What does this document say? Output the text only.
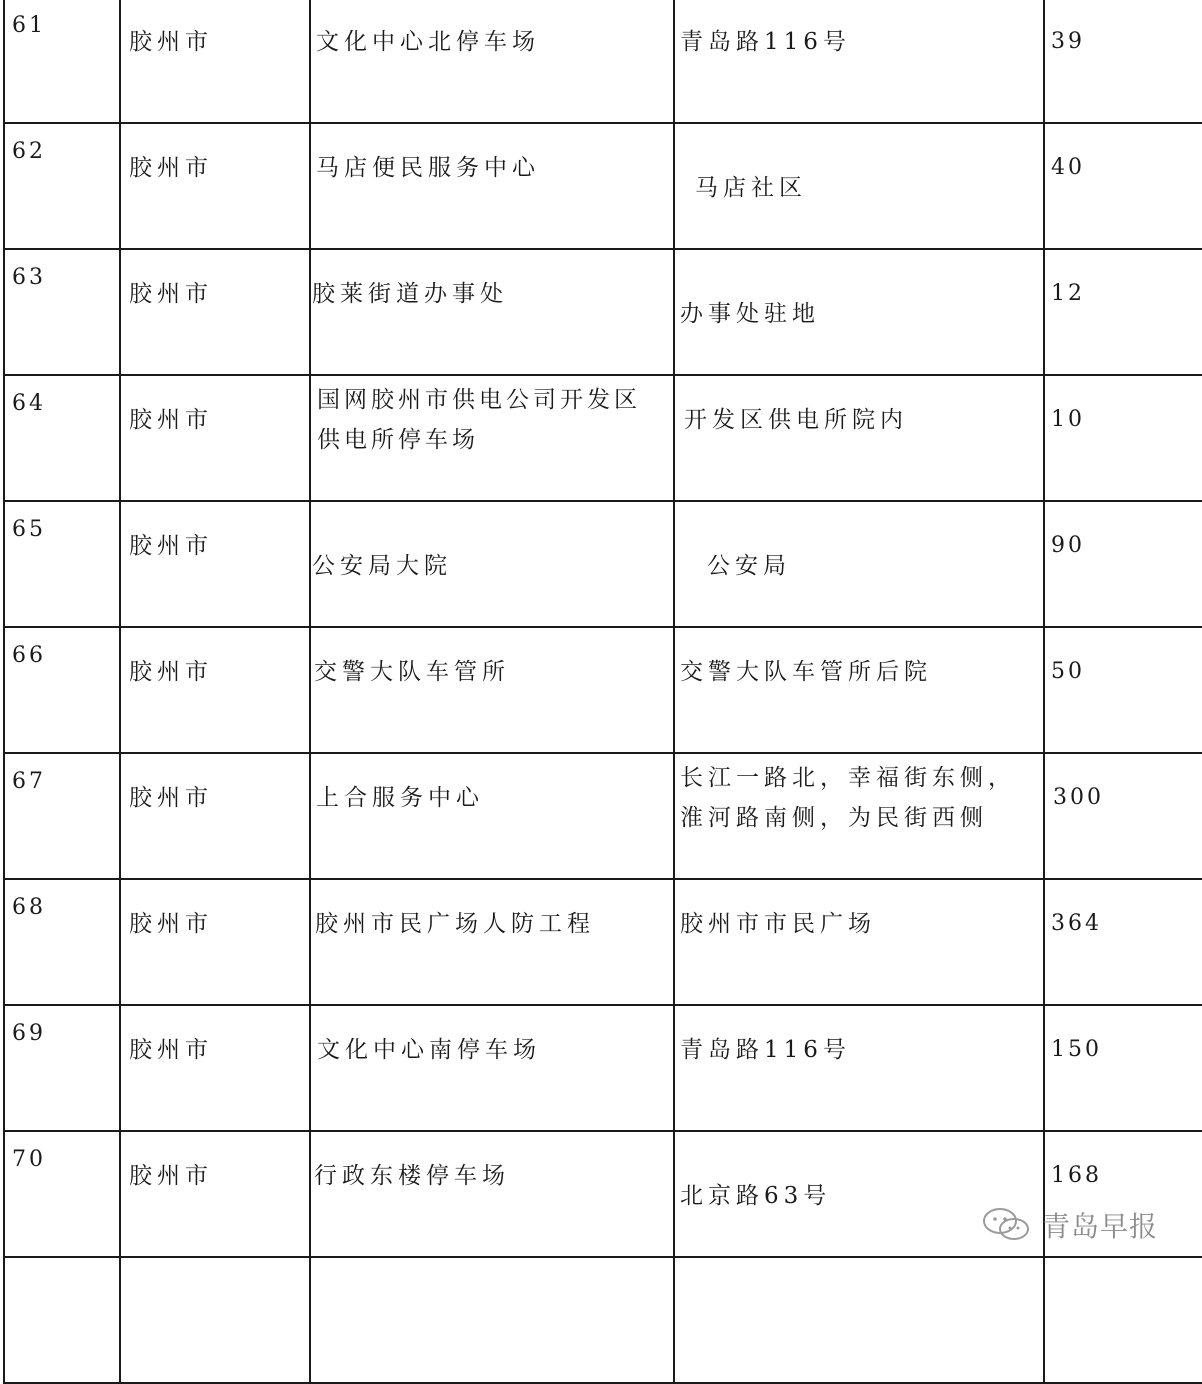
61	胶州市	文化中心北停车场	青岛路116号	39

62	胶州市	马店便民服务中心	马店社区	40

63	胶州市	胶莱街道办事处	办事处驻地	12

64	胶州市	国网胶州市供电公司开发区供电所停车场	开发区供电所院内	10

65	胶州市	公安局大院	公安局	90

66	胶州市	交警大队车管所	交警大队车管所后院	50

67	胶州市	上合服务中心	长江一路北，幸福街东侧，淮河路南侧，为民街西侧	300

68	胶州市	胶州市民广场人防工程	胶州市市民广场	364

69	胶州市	文化中心南停车场	青岛路116号	150

70	胶州市	行政东楼停车场	北京路63号	168

青岛早报
